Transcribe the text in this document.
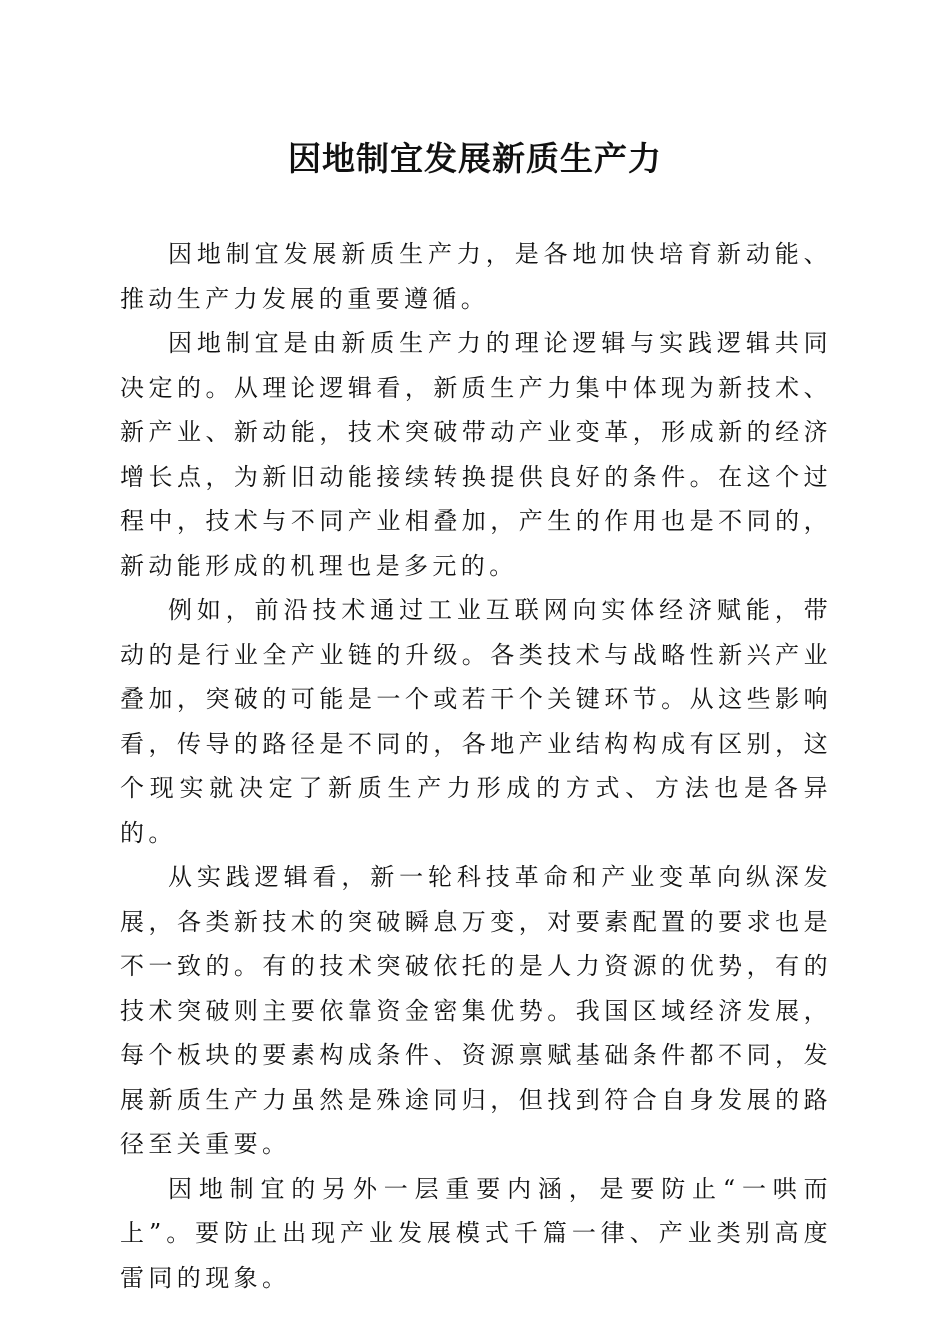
因地制宜发展新质生产力

因地制宜发展新质生产力，是各地加快培育新动能、推动生产力发展的重要遵循。

因地制宜是由新质生产力的理论逻辑与实践逻辑共同决定的。从理论逻辑看，新质生产力集中体现为新技术、新产业、新动能，技术突破带动产业变革，形成新的经济增长点，为新旧动能接续转换提供良好的条件。在这个过程中，技术与不同产业相叠加，产生的作用也是不同的，新动能形成的机理也是多元的。

例如，前沿技术通过工业互联网向实体经济赋能，带动的是行业全产业链的升级。各类技术与战略性新兴产业叠加，突破的可能是一个或若干个关键环节。从这些影响看，传导的路径是不同的，各地产业结构构成有区别，这个现实就决定了新质生产力形成的方式、方法也是各异的。

从实践逻辑看，新一轮科技革命和产业变革向纵深发展，各类新技术的突破瞬息万变，对要素配置的要求也是不一致的。有的技术突破依托的是人力资源的优势，有的技术突破则主要依靠资金密集优势。我国区域经济发展，每个板块的要素构成条件、资源禀赋基础条件都不同，发展新质生产力虽然是殊途同归，但找到符合自身发展的路径至关重要。

因地制宜的另外一层重要内涵，是要防止“一哄而上”。要防止出现产业发展模式千篇一律、产业类别高度雷同的现象。
